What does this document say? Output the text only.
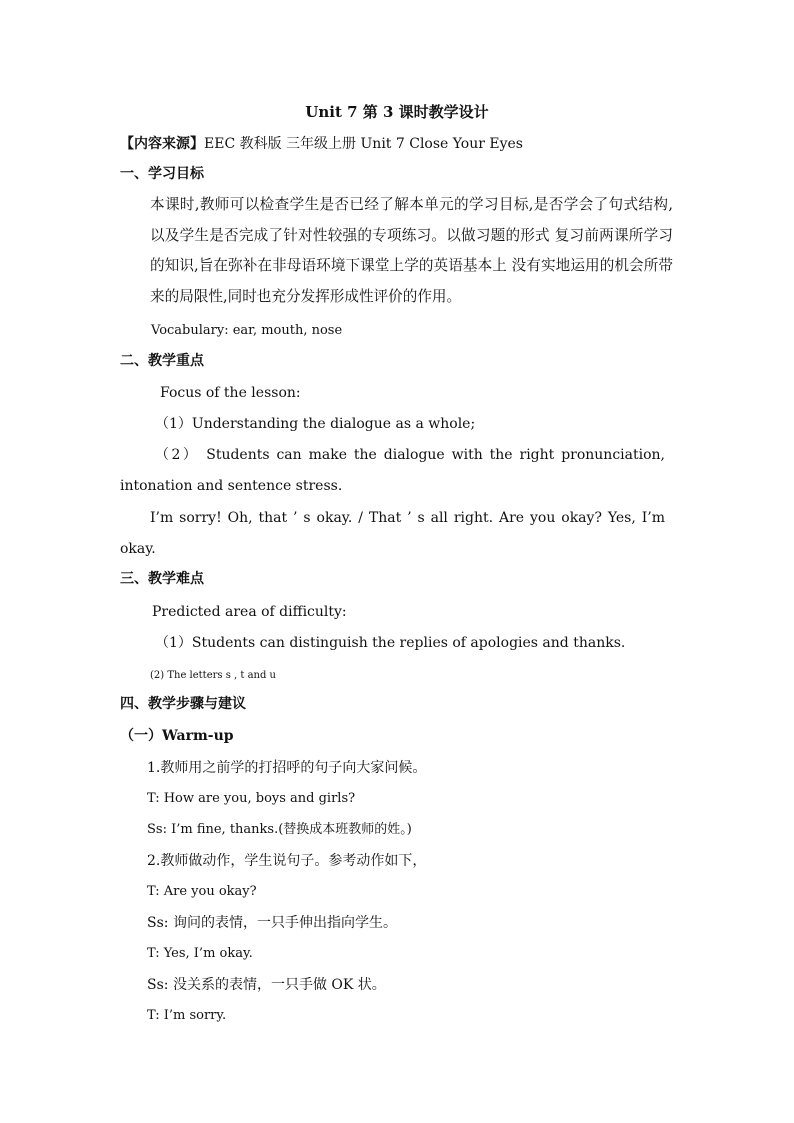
Unit 7 第 3 课时教学设计
【内容来源】EEC 教科版 三年级上册 Unit 7 Close Your Eyes
一、学习目标
本课时,教师可以检查学生是否已经了解本单元的学习目标,是否学会了句式结构,以及学生是否完成了针对性较强的专项练习。以做习题的形式 复习前两课所学习的知识,旨在弥补在非母语环境下课堂上学的英语基本上 没有实地运用的机会所带来的局限性,同时也充分发挥形成性评价的作用。
Vocabulary: ear, mouth, nose
二、教学重点
Focus of the lesson:
（1）Understanding the dialogue as a whole;
（2） Students can make the dialogue with the right pronunciation, intonation and sentence stress.
I’m sorry! Oh, that ’ s okay. / That ’ s all right. Are you okay? Yes, I’m okay.
三、教学难点
Predicted area of difficulty:
（1）Students can distinguish the replies of apologies and thanks.
(2) The letters s , t and u
四、教学步骤与建议
（一）Warm-up
1.教师用之前学的打招呼的句子向大家问候。
T: How are you, boys and girls?
Ss: I’m fine, thanks.(替换成本班教师的姓。)
2.教师做动作，学生说句子。参考动作如下，
T: Are you okay?
Ss: 询问的表情，一只手伸出指向学生。
T: Yes, I’m okay.
Ss: 没关系的表情，一只手做 OK 状。
T: I’m sorry.
